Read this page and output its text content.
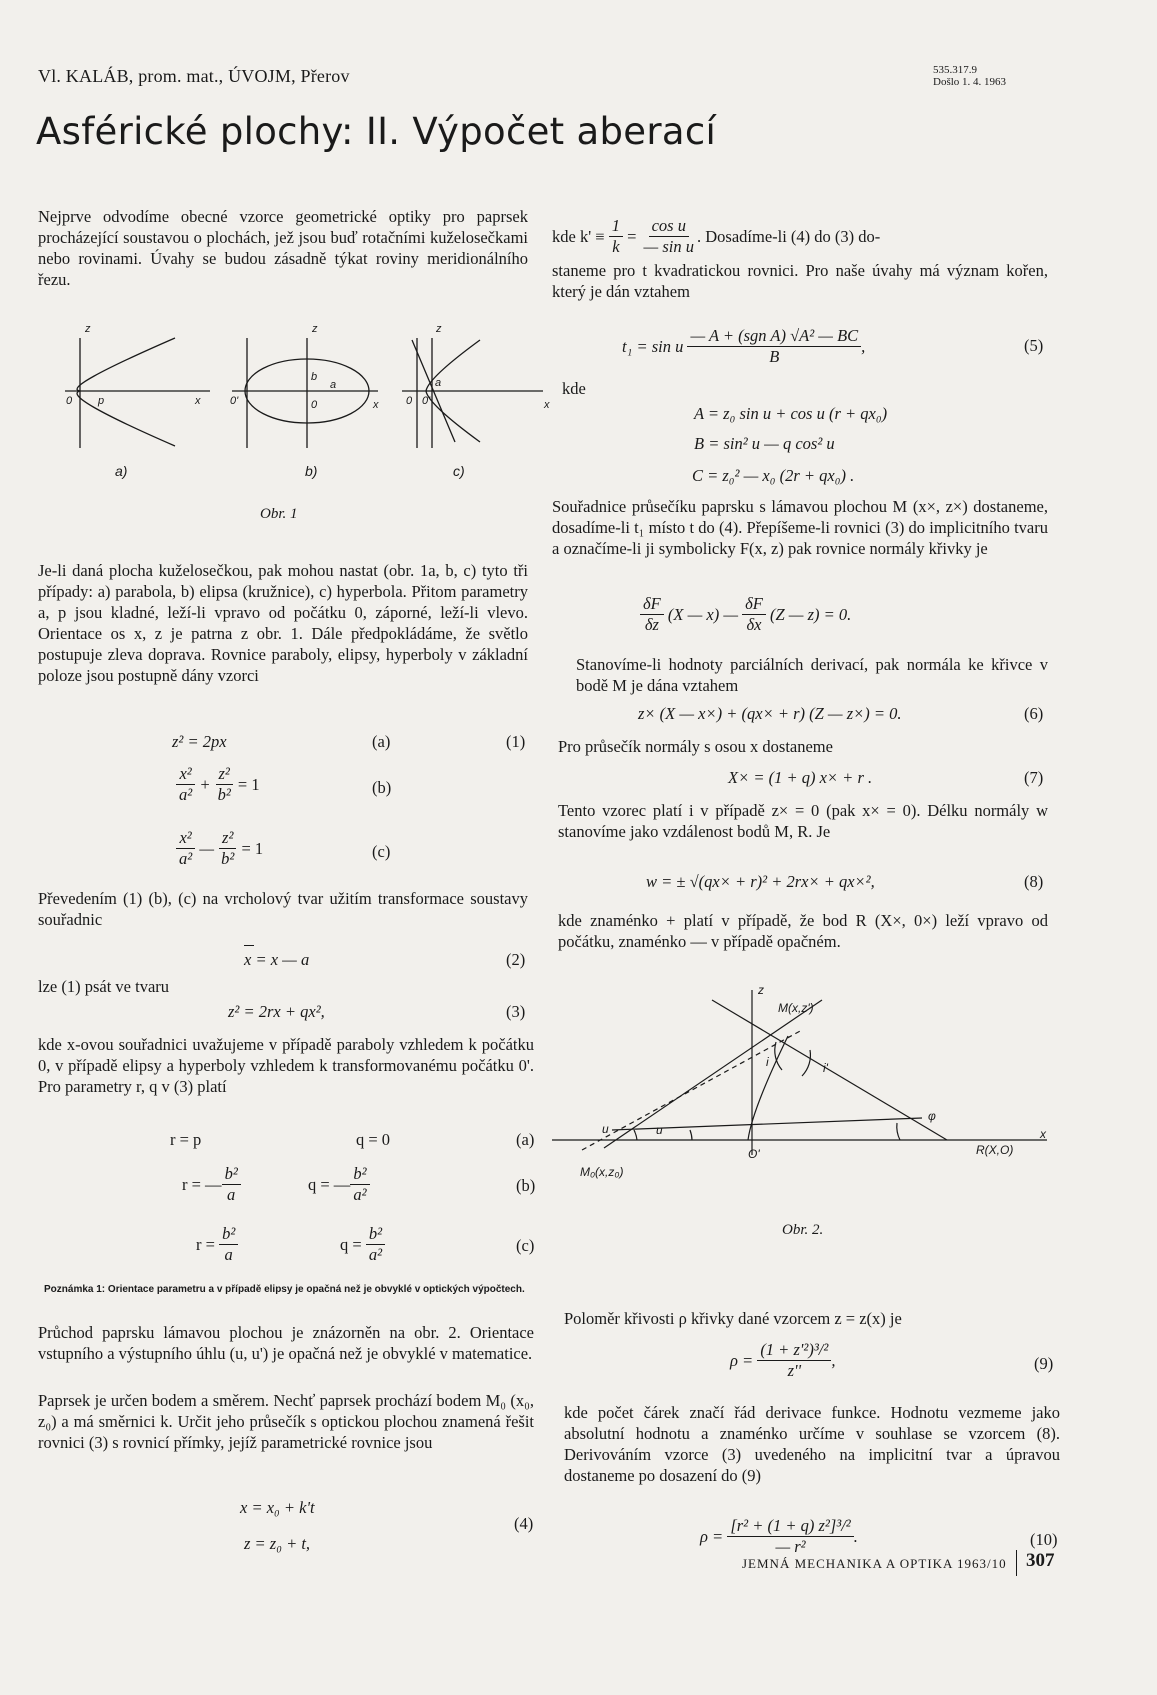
Vl. KALÁB, prom. mat., ÚVOJM, Přerov	535.317.9
Došlo 1. 4. 1963
Asférické plochy: II. Výpočet aberací
Nejprve odvodíme obecné vzorce geometrické optiky pro paprsek procházející soustavou o plochách, jež jsou buď rotačními kuželosečkami nebo rovinami. Úvahy se budou zásadně týkat roviny meridionálního řezu.
z
0 p	x
z
0'	0
b
a
x
z
0 0'
a
x
a)	b)	c)
Obr. 1
Je-li daná plocha kuželosečkou, pak mohou nastat (obr. 1a, b, c) tyto tři případy: a) parabola, b) elipsa (kružnice), c) hyperbola. Přitom parametry a, p jsou kladné, leží-li vpravo od počátku 0, záporné, leží-li vlevo. Orientace os x, z je patrna z obr. 1. Dále předpokládáme, že světlo postupuje zleva doprava. Rovnice paraboly, elipsy, hyperboly v základní poloze jsou postupně dány vzorci
z² = 2px	(a)	(1)
$\frac{\text{x²}}{\text{a²}} + \frac{\text{z²}}{\text{b²}}$
= 1	(b)
$\frac{\text{x²}}{\text{a²}}$ — $\frac{\text{z²}}{\text{b²}}$
= 1	(c)
Převedením (1) (b), (c) na vrcholový tvar užitím transformace soustavy souřadnic
x = x — a	(2)
lze (1) psát ve tvaru
z² = 2rx + qx²,	(3)
kde x-ovou souřadnici uvažujeme v případě paraboly vzhledem k počátku 0, v případě elipsy a hyperboly vzhledem k transformovanému počátku 0'. Pro parametry r, q v (3) platí
r = p	q = 0	(a)
r = — $\frac{\text{b²}}{a}$	q = — $\frac{\text{b²}}{\text{a²}}$	(b)
r =
$\frac{\text{b²}}{a}$	q =
$\frac{\text{b²}}{\text{a²}}$	(c)
Poznámka 1: Orientace parametru a v případě elipsy je opačná než je obvyklé v optických výpočtech.
Průchod paprsku lámavou plochou je znázorněn na obr. 2. Orientace vstupního a výstupního úhlu (u, u') je opačná než je obvyklé v matematice.
Paprsek je určen bodem a směrem. Nechť paprsek prochází bodem M₀ (x₀, z₀) a má směrnici k. Určit jeho průsečík s optickou plochou znamená řešit rovnici (3) s rovnicí přímky, jejíž parametrické rovnice jsou
x = x₀ + k't
(4)
z = z₀ + t,
kde k' ≡
$\frac{1}{k}$
=
$\frac{\text{cos u}}{\text{— sin u}}$ . Dosadíme-li (4) do (3) do-
staneme pro t kvadratickou rovnici. Pro naše úvahy má význam kořen, který je dán vztahem
t₁ = sin u
$\frac{\text{— A + (sgn A) √A² — BC}}{B}$ ,	(5)
kde
A = z₀ sin u + cos u (r + qx₀)
B = sin² u — q cos² u
C = z₀² — x₀ (2r + qx₀) .
Souřadnice průsečíku paprsku s lámavou plochou M (x×, z×) dostaneme, dosadíme-li t₁ místo t do (4). Přepíšeme-li rovnici (3) do implicitního tvaru a označíme-li ji symbolicky F(x, z) pak rovnice normály křivky je
$\frac{\delta F}{\delta z}$
(X — x) —
$\frac{\delta F}{\delta x}$
(Z — z) = 0.
Stanovíme-li hodnoty parciálních derivací, pak normála ke křivce v bodě M je dána vztahem
z× (X — x×) + (qx× + r) (Z — z×) = 0.	(6)
Pro průsečík normály s osou x dostaneme
X× = (1 + q) x× + r .	(7)
Tento vzorec platí i v případě z× = 0 (pak x× = 0). Délku normály w stanovíme jako vzdálenost bodů M, R. Je
w = ± √(qx× + r)² + 2rx× + qx×²,	(8)
kde znaménko + platí v případě, že bod R (X×, 0×) leží vpravo od počátku, znaménko — v případě opačném.
z
x
M(x,z')
M₀(x,z₀)
O'	R(X,O)
u	u
i	i'
φ
Obr. 2.
Poloměr křivosti ρ křivky dané vzorcem z = z(x) je
ρ =
$\frac{\text{(1 + z'²)³/²}}{z''}$ ,	(9)
kde počet čárek značí řád derivace funkce. Hodnotu vezmeme jako absolutní hodnotu a znaménko určíme v souhlase se vzorcem (8). Derivováním vzorce (3) uvedeného na implicitní tvar a úpravou dostaneme po dosazení do (9)
ρ =
$\frac{\text{[r² + (1 + q) z²]³/²}}{\text{— r²}}$ .	(10)
JEMNÁ MECHANIKA A OPTIKA 1963/10 307
